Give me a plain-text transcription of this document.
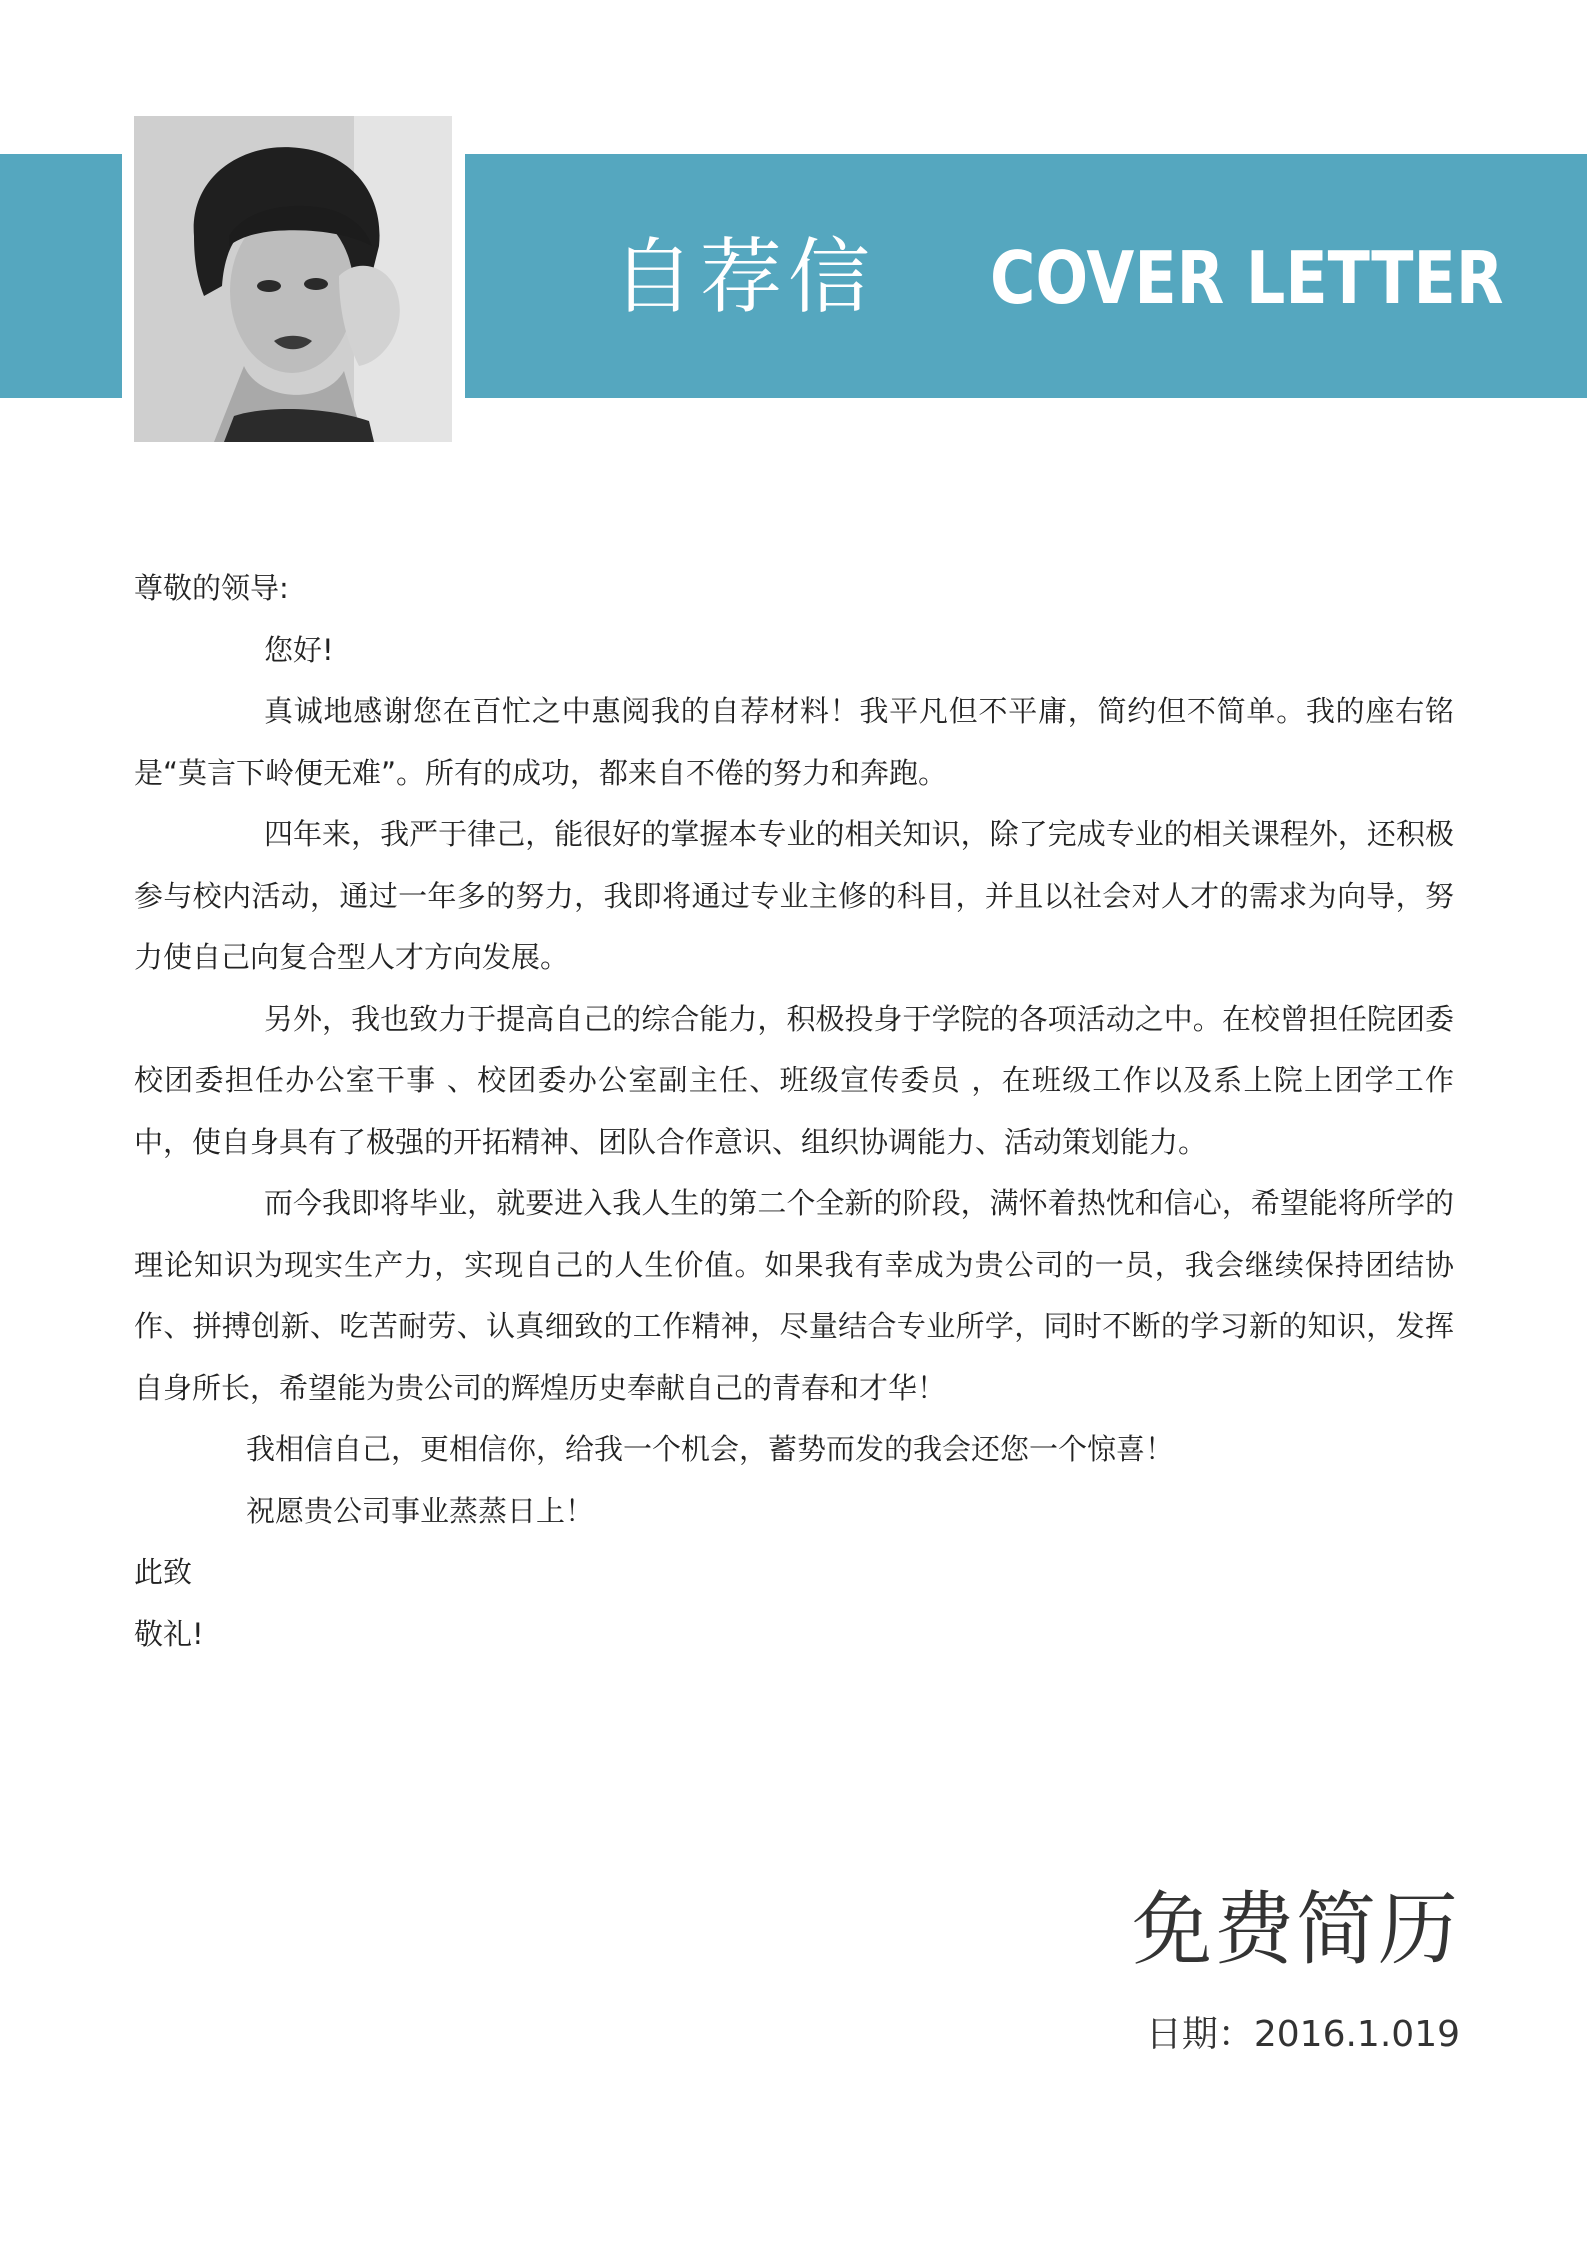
自荐信 COVER LETTER

尊敬的领导:

您好!

真诚地感谢您在百忙之中惠阅我的自荐材料！我平凡但不平庸，简约但不简单。我的座右铭是“莫言下岭便无难”。所有的成功，都来自不倦的努力和奔跑。

四年来，我严于律己，能很好的掌握本专业的相关知识，除了完成专业的相关课程外，还积极参与校内活动，通过一年多的努力，我即将通过专业主修的科目，并且以社会对人才的需求为向导，努力使自己向复合型人才方向发展。

另外，我也致力于提高自己的综合能力，积极投身于学院的各项活动之中。在校曾担任院团委校团委担任办公室干事 、校团委办公室副主任、班级宣传委员 ，在班级工作以及系上院上团学工作中，使自身具有了极强的开拓精神、团队合作意识、组织协调能力、活动策划能力。

而今我即将毕业，就要进入我人生的第二个全新的阶段，满怀着热忱和信心，希望能将所学的理论知识为现实生产力，实现自己的人生价值。如果我有幸成为贵公司的一员，我会继续保持团结协作、拼搏创新、吃苦耐劳、认真细致的工作精神，尽量结合专业所学，同时不断的学习新的知识，发挥自身所长，希望能为贵公司的辉煌历史奉献自己的青春和才华！

我相信自己，更相信你，给我一个机会，蓄势而发的我会还您一个惊喜！

祝愿贵公司事业蒸蒸日上！

此致

敬礼!

免费简历
日期：2016.1.019
